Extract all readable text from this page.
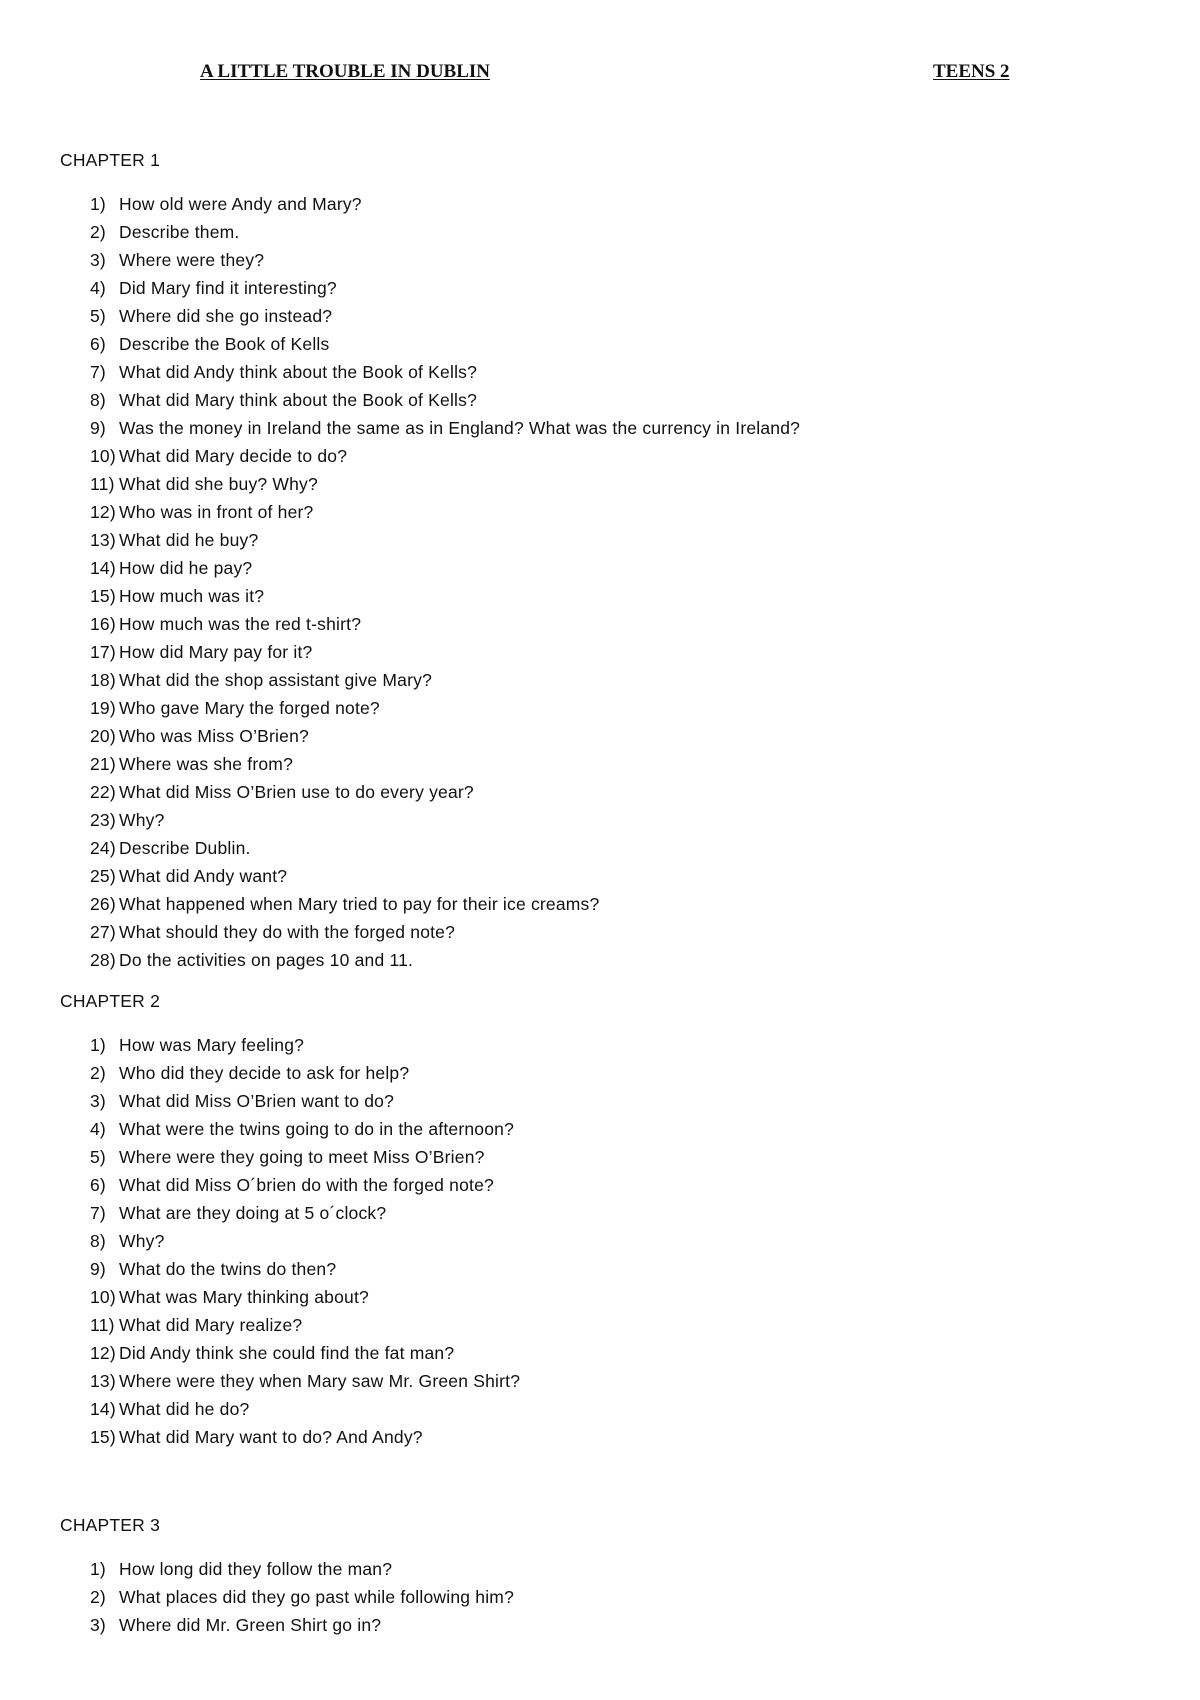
A LITTLE TROUBLE IN DUBLIN	TEENS 2
CHAPTER 1
1) How old were Andy and Mary?
2) Describe them.
3) Where were they?
4) Did Mary find it interesting?
5) Where did she go instead?
6) Describe the Book of Kells
7) What did Andy think about the Book of Kells?
8) What did Mary think about the Book of Kells?
9) Was the money in Ireland the same as in England? What was the currency in Ireland?
10) What did Mary decide to do?
11) What did she buy? Why?
12) Who was in front of her?
13) What did he buy?
14) How did he pay?
15) How much was it?
16) How much was the red t-shirt?
17) How did Mary pay for it?
18) What did the shop assistant give Mary?
19) Who gave Mary the forged note?
20) Who was Miss O’Brien?
21) Where was she from?
22) What did Miss O’Brien use to do every year?
23) Why?
24) Describe Dublin.
25) What did Andy want?
26) What happened when Mary tried to pay for their ice creams?
27) What should they do with the forged note?
28) Do the activities on pages 10 and 11.
CHAPTER 2
1) How was Mary feeling?
2) Who did they decide to ask for help?
3) What did Miss O’Brien want to do?
4) What were the twins going to do in the afternoon?
5) Where were they going to meet Miss O’Brien?
6) What did Miss O´brien do with the forged note?
7) What are they doing at 5 o´clock?
8) Why?
9) What do the twins do then?
10) What was Mary thinking about?
11) What did Mary realize?
12) Did Andy think she could find the fat man?
13) Where were they when Mary saw Mr. Green Shirt?
14) What did he do?
15) What did Mary want to do? And Andy?
CHAPTER 3
1) How long did they follow the man?
2) What places did they go past while following him?
3) Where did Mr. Green Shirt go in?
